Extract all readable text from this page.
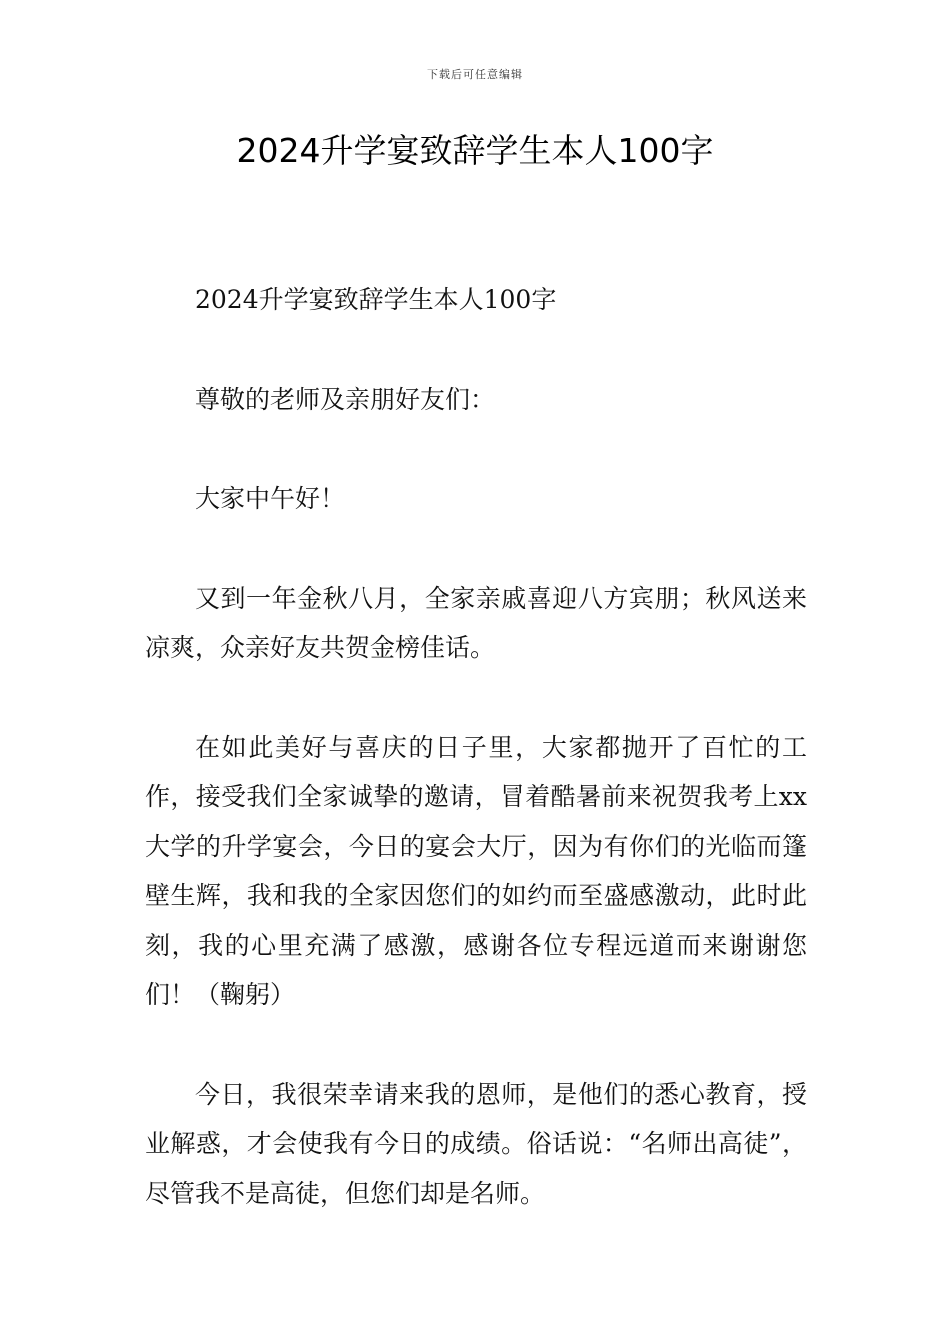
下载后可任意编辑
2024升学宴致辞学生本人100字

2024升学宴致辞学生本人100字

尊敬的老师及亲朋好友们：

大家中午好！

又到一年金秋八月，全家亲戚喜迎八方宾朋；秋风送来凉爽，众亲好友共贺金榜佳话。

在如此美好与喜庆的日子里，大家都抛开了百忙的工作，接受我们全家诚挚的邀请，冒着酷暑前来祝贺我考上xx大学的升学宴会，今日的宴会大厅，因为有你们的光临而篷壁生辉，我和我的全家因您们的如约而至盛感激动，此时此刻，我的心里充满了感激，感谢各位专程远道而来谢谢您们！（鞠躬）

今日，我很荣幸请来我的恩师，是他们的悉心教育，授业解惑，才会使我有今日的成绩。俗话说：“名师出高徒”，尽管我不是高徒，但您们却是名师。
